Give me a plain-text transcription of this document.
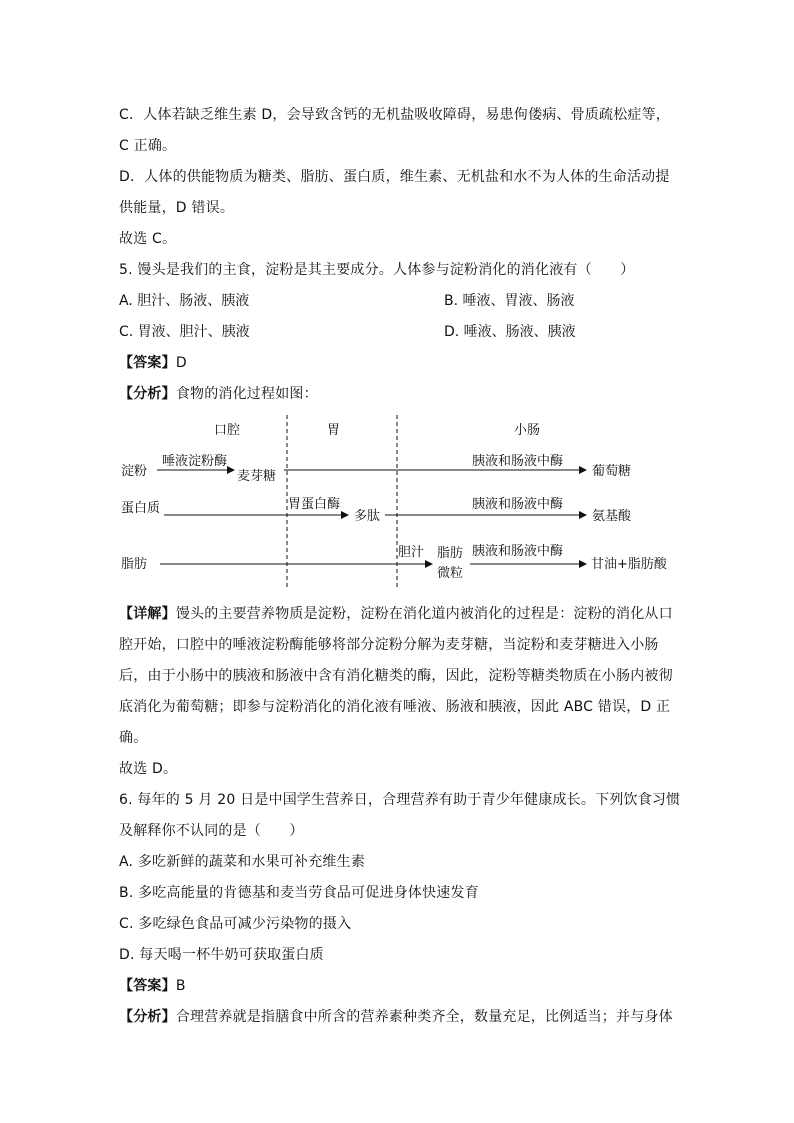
C．人体若缺乏维生素 D，会导致含钙的无机盐吸收障碍，易患佝偻病、骨质疏松症等，
C 正确。
D．人体的供能物质为糖类、脂肪、蛋白质，维生素、无机盐和水不为人体的生命活动提
供能量，D 错误。
故选 C。
5. 馒头是我们的主食，淀粉是其主要成分。人体参与淀粉消化的消化液有（　　）
A. 胆汁、肠液、胰液	B. 唾液、胃液、肠液
C. 胃液、胆汁、胰液	D. 唾液、肠液、胰液
【答案】D
【分析】食物的消化过程如图：
口腔	胃	小肠
淀粉
唾液淀粉酶
麦芽糖
胰液和肠液中酶
葡萄糖
蛋白质	胃蛋白酶
多肽
胰液和肠液中酶
氨基酸
脂肪
胆汁 脂肪
微粒
胰液和肠液中酶
甘油+脂肪酸
【详解】馒头的主要营养物质是淀粉，淀粉在消化道内被消化的过程是：淀粉的消化从口
腔开始，口腔中的唾液淀粉酶能够将部分淀粉分解为麦芽糖，当淀粉和麦芽糖进入小肠
后，由于小肠中的胰液和肠液中含有消化糖类的酶，因此，淀粉等糖类物质在小肠内被彻
底消化为葡萄糖；即参与淀粉消化的消化液有唾液、肠液和胰液，因此 ABC 错误，D 正
确。
故选 D。
6. 每年的 5 月 20 日是中国学生营养日，合理营养有助于青少年健康成长。下列饮食习惯
及解释你不认同的是（　　）
A. 多吃新鲜的蔬菜和水果可补充维生素
B. 多吃高能量的肯德基和麦当劳食品可促进身体快速发育
C. 多吃绿色食品可减少污染物的摄入
D. 每天喝一杯牛奶可获取蛋白质
【答案】B
【分析】合理营养就是指膳食中所含的营养素种类齐全，数量充足，比例适当；并与身体
